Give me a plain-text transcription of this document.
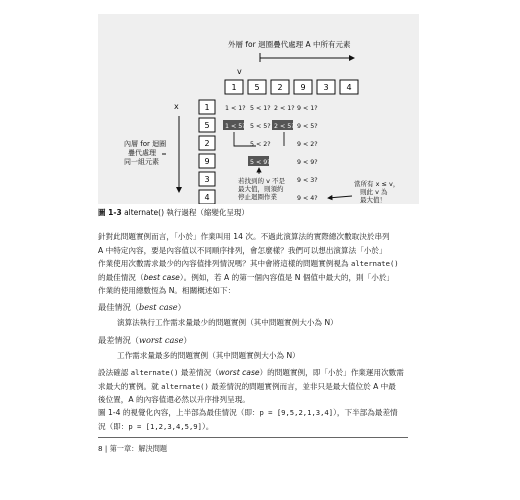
外層 for 迴圈疊代處理 A 中所有元素
v
1 5 2 9 3 4
x
內層 for 迴圈
疊代處理
同一組元素
1
5
2
9
3
4
1 < 1? 5 < 1? 2 < 1? 9 < 1?
1 < 5? 5 < 5? 2 < 5? 9 < 5?
5 < 2?	9 < 2?
5 < 9?	9 < 9?
9 < 3?
9 < 4?
若找到的 v 不是
最大值，則須約
停止迴圈作業
當所有 x ≤ v，
則此 v 為
最大值！
圖 1-3 alternate() 執行過程（縮變化呈現）
針對此問題實例而言，「小於」作業叫用 14 次。不過此演算法的實際總次數取決於串列
A 中特定內容，要是內容值以不同順序排列，會怎麼樣？我們可以想出演算法「小於」
作業使用次數需求最少的內容值排列情況嗎？其中會將這樣的問題實例視為 alternate()
的最佳情況（best case）。例如，若 A 的第一個內容值是 N 個值中最大的，則「小於」
作業的使用總數恆為 N。相關概述如下：
最佳情況（best case）
演算法執行工作需求量最少的問題實例（其中問題實例大小為 N）
最差情況（worst case）
工作需求量最多的問題實例（其中問題實例大小為 N）
設法確認 alternate() 最差情況（worst case）的問題實例，即「小於」作業運用次數需
求最大的實例。就 alternate() 最差情況的問題實例而言，並非只是最大值位於 A 中最
後位置，A 的內容值還必然以升序排列呈現。
圖 1-4 的視覺化內容，上半部為最佳情況（即：p = [9,5,2,1,3,4]），下半部為最差情
況（即：p = [1,2,3,4,5,9]）。
8 | 第一章：解決問題
